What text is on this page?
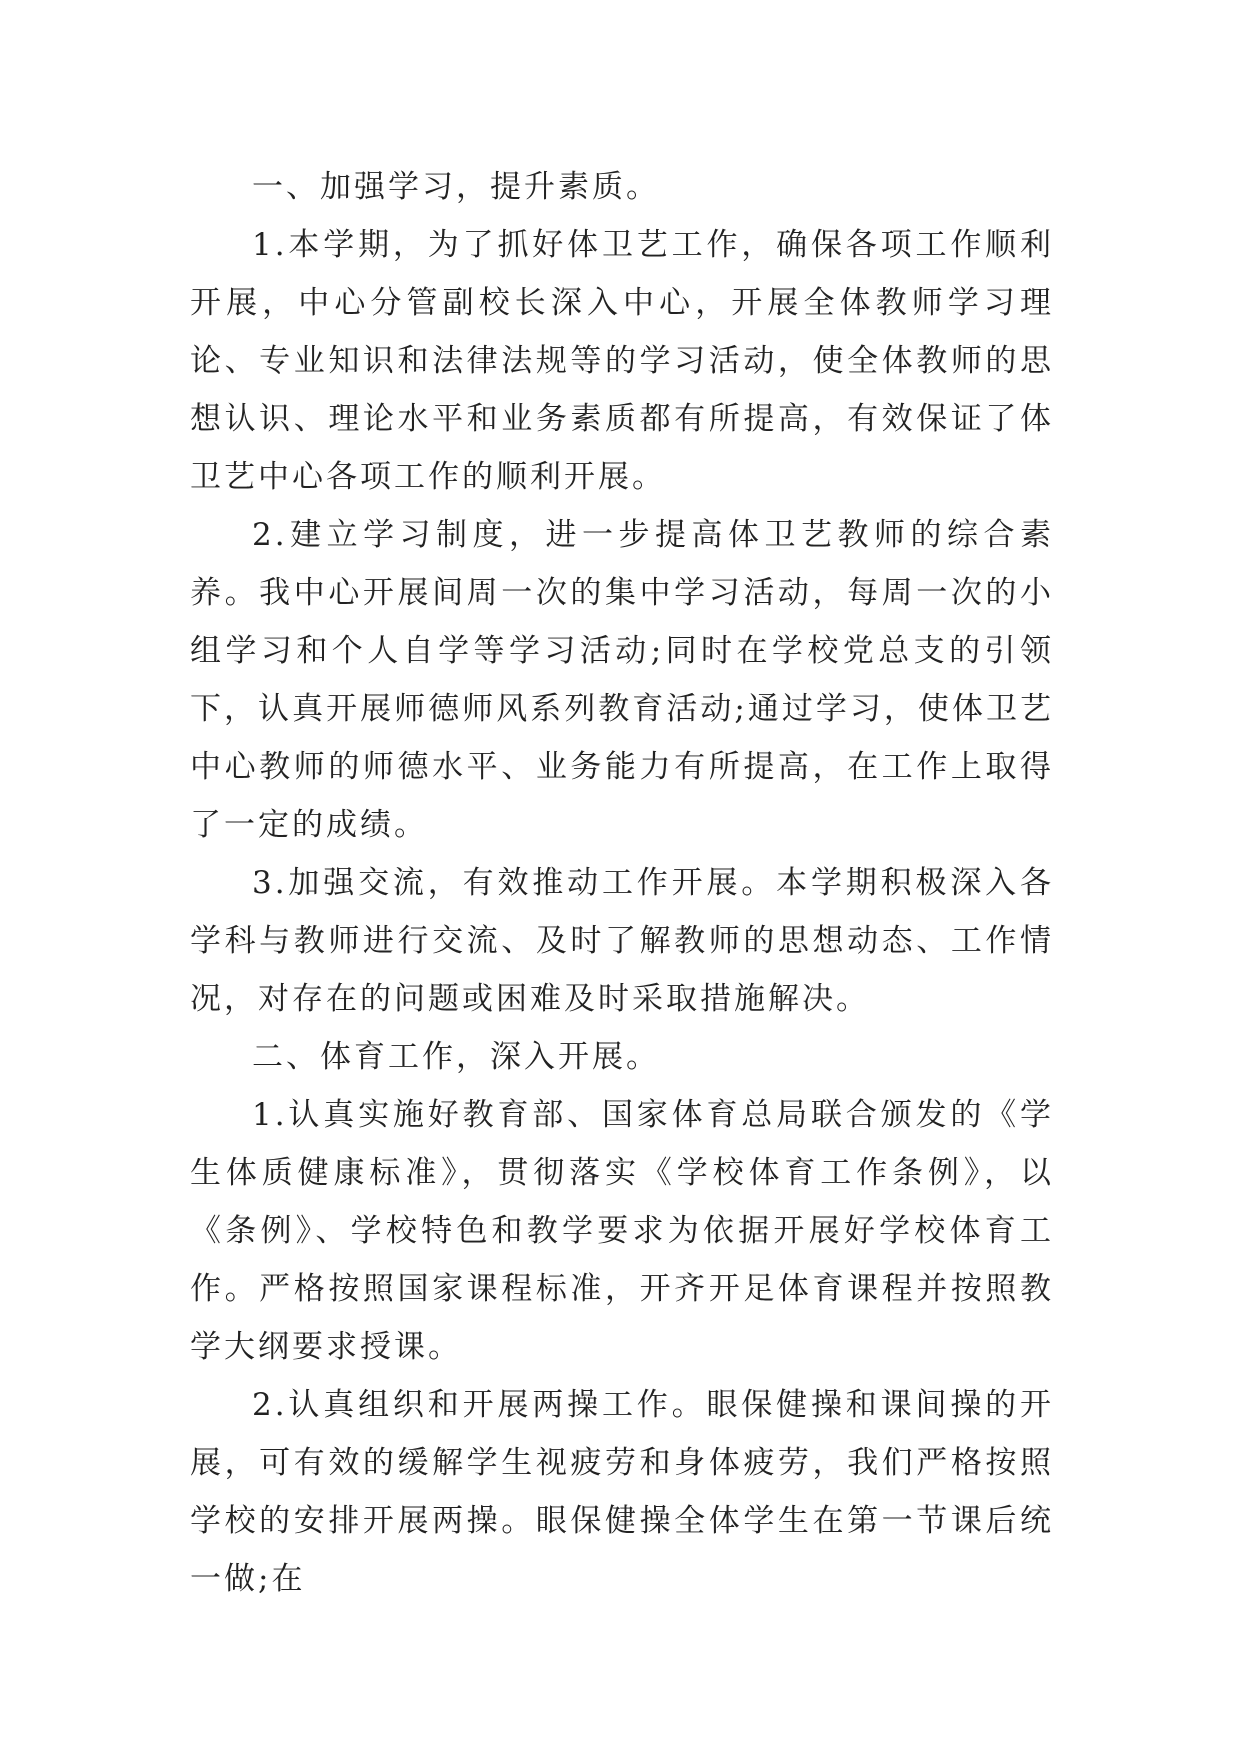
一、加强学习，提升素质。

1.本学期，为了抓好体卫艺工作，确保各项工作顺利开展，中心分管副校长深入中心，开展全体教师学习理论、专业知识和法律法规等的学习活动，使全体教师的思想认识、理论水平和业务素质都有所提高，有效保证了体卫艺中心各项工作的顺利开展。

2.建立学习制度，进一步提高体卫艺教师的综合素养。我中心开展间周一次的集中学习活动，每周一次的小组学习和个人自学等学习活动;同时在学校党总支的引领下，认真开展师德师风系列教育活动;通过学习，使体卫艺中心教师的师德水平、业务能力有所提高，在工作上取得了一定的成绩。

3.加强交流，有效推动工作开展。本学期积极深入各学科与教师进行交流、及时了解教师的思想动态、工作情况，对存在的问题或困难及时采取措施解决。

二、体育工作，深入开展。

1.认真实施好教育部、国家体育总局联合颁发的《学生体质健康标准》，贯彻落实《学校体育工作条例》，以《条例》、学校特色和教学要求为依据开展好学校体育工作。严格按照国家课程标准，开齐开足体育课程并按照教学大纲要求授课。

2.认真组织和开展两操工作。眼保健操和课间操的开展，可有效的缓解学生视疲劳和身体疲劳，我们严格按照学校的安排开展两操。眼保健操全体学生在第一节课后统一做;在
